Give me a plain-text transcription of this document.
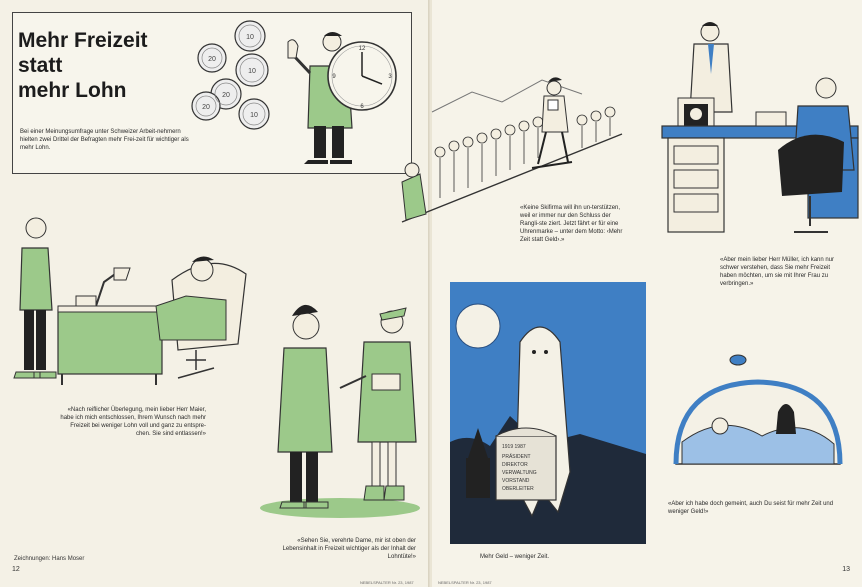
Mehr Freizeit
statt
mehr Lohn
Bei einer Meinungsumfrage unter Schweizer Arbeit-nehmern hielten zwei Drittel der Befragten mehr Frei-zeit für wichtiger als mehr Lohn.
10
20
10
20
20
10
12
3
6
9
«Nach reiflicher Überlegung, mein lieber Herr Maier, habe ich mich entschlossen, Ihrem Wunsch nach mehr Freizeit bei weniger Lohn voll und ganz zu entspre-chen. Sie sind entlassen!»
«Sehen Sie, verehrte Dame, mir ist oben der Lebensinhalt in Freizeit wichtiger als der Inhalt der Lohntüte!»
Zeichnungen: Hans Moser
12
NEBELSPALTER Nr. 23, 1987
«Keine Skifirma will ihn un-terstützen, weil er immer nur den Schluss der Rangli-ste ziert. Jetzt fährt er für eine Uhrenmarke – unter dem Motto: ‹Mehr Zeit statt Geld›.»
«Aber mein lieber Herr Müller, ich kann nur schwer verstehen, dass Sie mehr Freizeit haben möchten, um sie mit Ihrer Frau zu verbringen.»
1919 1987
PRÄSIDENT
DIREKTOR
VERWALTUNG
VORSTAND
OBERLEITER
Mehr Geld – weniger Zeit.
«Aber ich habe doch gemeint, auch Du seist für mehr Zeit und weniger Geld!»
13
NEBELSPALTER Nr. 23, 1987
